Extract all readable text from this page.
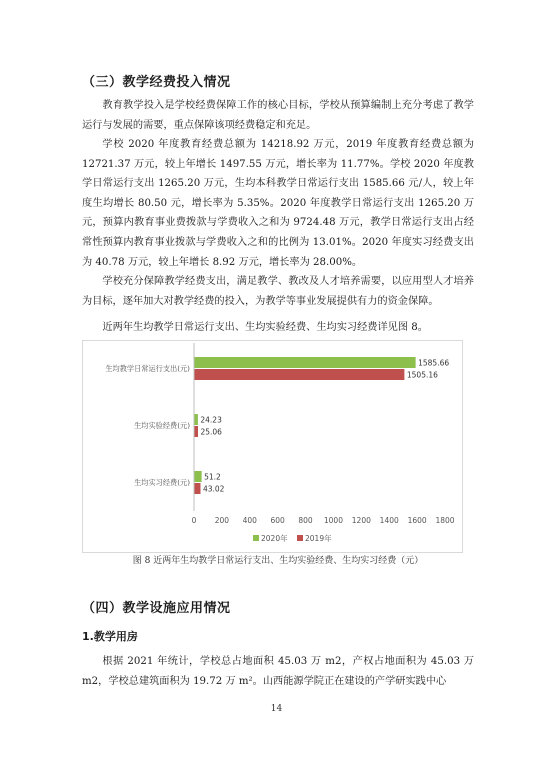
（三）教学经费投入情况

教育教学投入是学校经费保障工作的核心目标，学校从预算编制上充分考虑了教学运行与发展的需要，重点保障该项经费稳定和充足。

学校 2020 年度教育经费总额为 14218.92 万元，2019 年度教育经费总额为 12721.37 万元，较上年增长 1497.55 万元，增长率为 11.77%。学校 2020 年度教学日常运行支出 1265.20 万元，生均本科教学日常运行支出 1585.66 元/人，较上年度生均增长 80.50 元，增长率为 5.35%。2020 年度教学日常运行支出 1265.20 万元，预算内教育事业费拨款与学费收入之和为 9724.48 万元，教学日常运行支出占经常性预算内教育事业拨款与学费收入之和的比例为 13.01%。2020 年度实习经费支出为 40.78 万元，较上年增长 8.92 万元，增长率为 28.00%。

学校充分保障教学经费支出，满足教学、教改及人才培养需要，以应用型人才培养为目标，逐年加大对教学经费的投入，为教学等事业发展提供有力的资金保障。

近两年生均教学日常运行支出、生均实验经费、生均实习经费详见图 8。

0 200 400 600 800 1000 1200 1400 1600 1800
生均教学日常运行支出(元)
生均实验经费(元)
生均实习经费(元)
1585.66
24.23
51.2
1505.16
25.06
43.02
2020年 2019年
图 8 近两年生均教学日常运行支出、生均实验经费、生均实习经费（元）
（四）教学设施应用情况
1.教学用房

根据 2021 年统计，学校总占地面积 45.03 万 m2，产权占地面积为 45.03 万 m2，学校总建筑面积为 19.72 万 m²。山西能源学院正在建设的产学研实践中心

14
